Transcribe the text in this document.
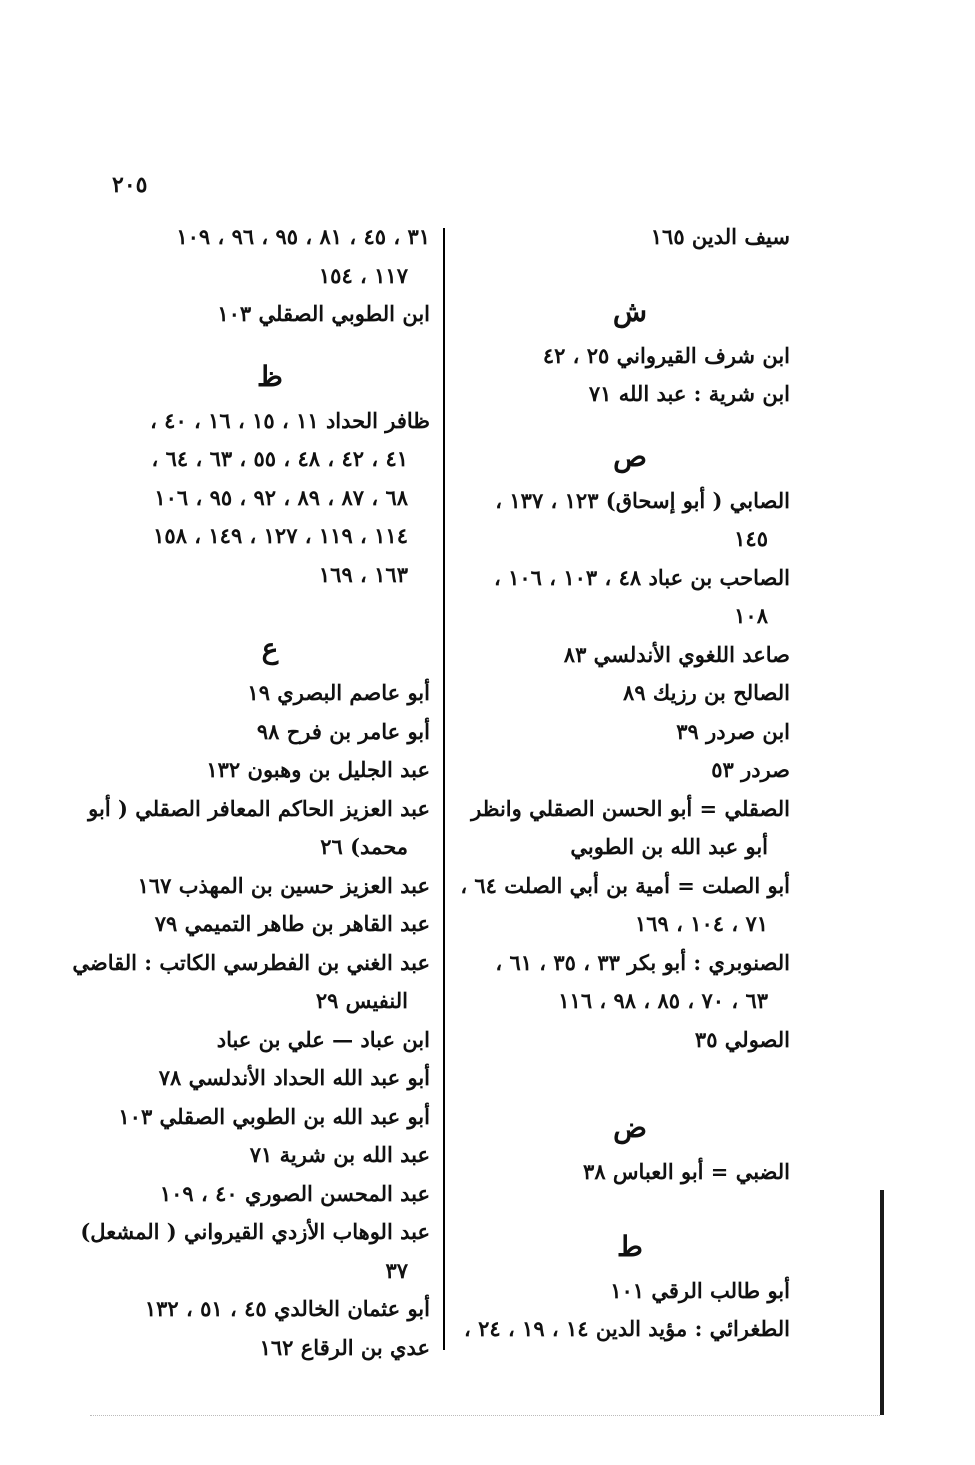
٢٠٥
سيف الدين ١٦٥
ش
ابن شرف القيرواني ٢٥ ، ٤٢
ابن شرية : عبد الله ٧١
ص
الصابي ( أبو إسحاق) ١٢٣ ، ١٣٧ ،
١٤٥
الصاحب بن عباد ٤٨ ، ١٠٣ ، ١٠٦ ،
١٠٨
صاعد اللغوي الأندلسي ٨٣
الصالح بن رزيك ٨٩
ابن صردر ٣٩
صردر ٥٣
الصقلي = أبو الحسن الصقلي وانظر
أبو عبد الله بن الطوبي
أبو الصلت = أمية بن أبي الصلت ٦٤ ،
٧١ ، ١٠٤ ، ١٦٩
الصنوبري : أبو بكر ٣٣ ، ٣٥ ، ٦١ ،
٦٣ ، ٧٠ ، ٨٥ ، ٩٨ ، ١١٦
الصولي ٣٥
ض
الضبي = أبو العباس ٣٨
ط
أبو طالب الرقي ١٠١
الطغرائي : مؤيد الدين ١٤ ، ١٩ ، ٢٤ ،
٣١ ، ٤٥ ، ٨١ ، ٩٥ ، ٩٦ ، ١٠٩
١١٧ ، ١٥٤
ابن الطوبي الصقلي ١٠٣
ظ
ظافر الحداد ١١ ، ١٥ ، ١٦ ، ٤٠ ،
٤١ ، ٤٢ ، ٤٨ ، ٥٥ ، ٦٣ ، ٦٤ ،
٦٨ ، ٨٧ ، ٨٩ ، ٩٢ ، ٩٥ ، ١٠٦
١١٤ ، ١١٩ ، ١٢٧ ، ١٤٩ ، ١٥٨
١٦٣ ، ١٦٩
ع
أبو عاصم البصري ١٩
أبو عامر بن فرح ٩٨
عبد الجليل بن وهبون ١٣٢
عبد العزيز الحاكم المعافر الصقلي ( أبو
محمد) ٢٦
عبد العزيز حسين بن المهذب ١٦٧
عبد القاهر بن طاهر التميمي ٧٩
عبد الغني بن الفطرسي الكاتب : القاضي
النفيس ٢٩
ابن عباد — علي بن عباد
أبو عبد الله الحداد الأندلسي ٧٨
أبو عبد الله بن الطوبي الصقلي ١٠٣
عبد الله بن شرية ٧١
عبد المحسن الصوري ٤٠ ، ١٠٩
عبد الوهاب الأزدي القيرواني ( المشعل)
٣٧
أبو عثمان الخالدي ٤٥ ، ٥١ ، ١٣٢
عدي بن الرقاع ١٦٢
